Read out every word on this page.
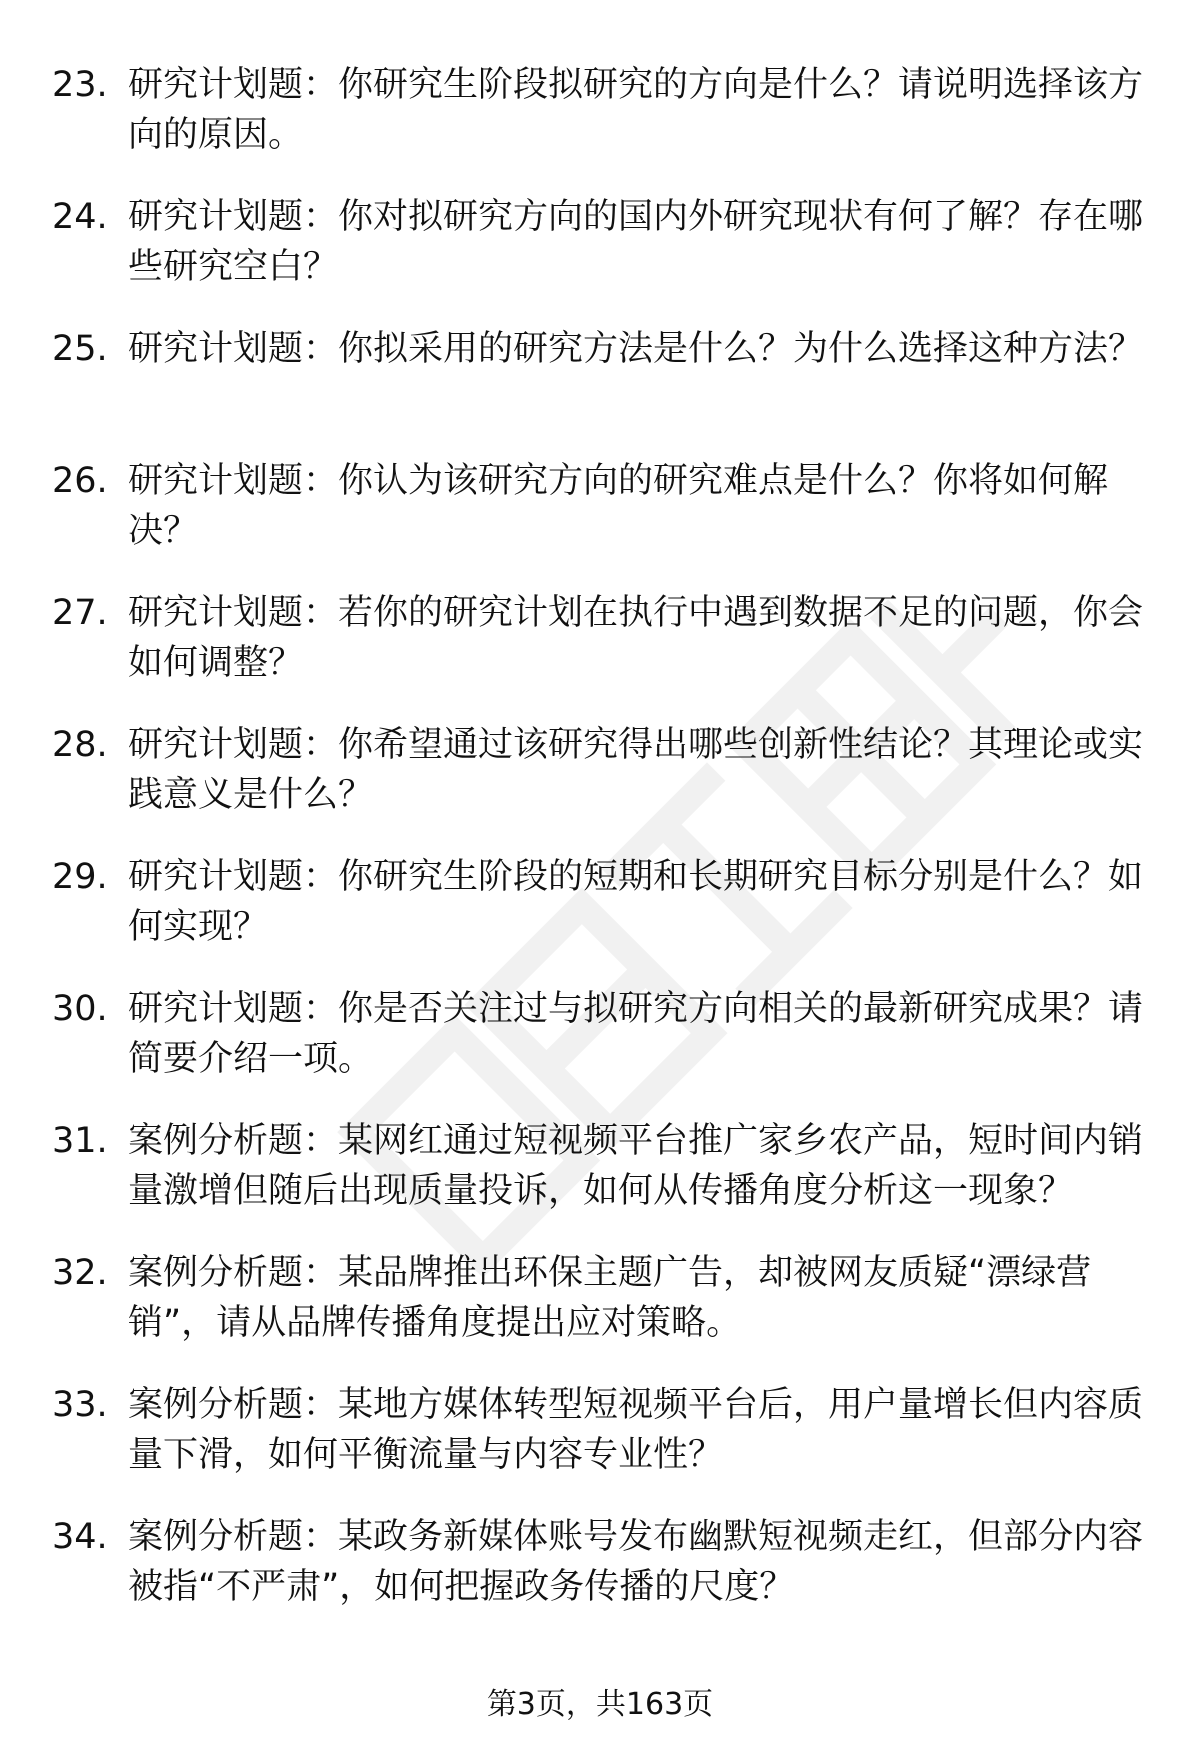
23. 研究计划题：你研究生阶段拟研究的方向是什么？请说明选择该方向的原因。
24. 研究计划题：你对拟研究方向的国内外研究现状有何了解？存在哪些研究空白？
25. 研究计划题：你拟采用的研究方法是什么？为什么选择这种方法？
26. 研究计划题：你认为该研究方向的研究难点是什么？你将如何解决？
27. 研究计划题：若你的研究计划在执行中遇到数据不足的问题，你会如何调整？
28. 研究计划题：你希望通过该研究得出哪些创新性结论？其理论或实践意义是什么？
29. 研究计划题：你研究生阶段的短期和长期研究目标分别是什么？如何实现？
30. 研究计划题：你是否关注过与拟研究方向相关的最新研究成果？请简要介绍一项。
31. 案例分析题：某网红通过短视频平台推广家乡农产品，短时间内销量激增但随后出现质量投诉，如何从传播角度分析这一现象？
32. 案例分析题：某品牌推出环保主题广告，却被网友质疑“漂绿营销”，请从品牌传播角度提出应对策略。
33. 案例分析题：某地方媒体转型短视频平台后，用户量增长但内容质量下滑，如何平衡流量与内容专业性？
34. 案例分析题：某政务新媒体账号发布幽默短视频走红，但部分内容被指“不严肃”，如何把握政务传播的尺度？
第3页，共163页
